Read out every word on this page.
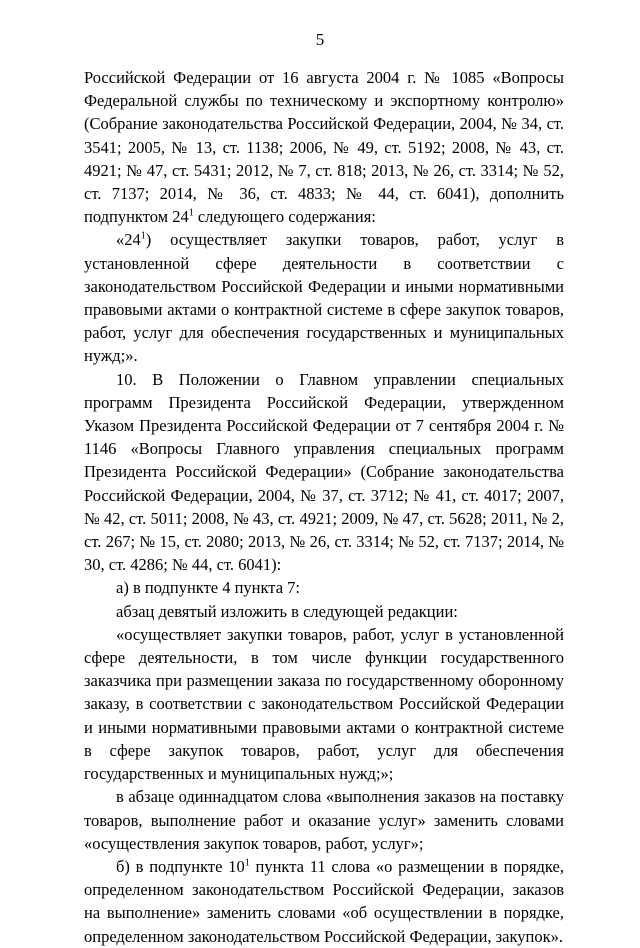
5

Российской Федерации от 16 августа 2004 г. № 1085 «Вопросы Федеральной службы по техническому и экспортному контролю» (Собрание законодательства Российской Федерации, 2004, № 34, ст. 3541; 2005, № 13, ст. 1138; 2006, № 49, ст. 5192; 2008, № 43, ст. 4921; № 47, ст. 5431; 2012, № 7, ст. 818; 2013, № 26, ст. 3314; № 52, ст. 7137; 2014, № 36, ст. 4833; № 44, ст. 6041), дополнить подпунктом $24^1$ следующего содержания:

«$24^1$) осуществляет закупки товаров, работ, услуг в установленной сфере деятельности в соответствии с законодательством Российской Федерации и иными нормативными правовыми актами о контрактной системе в сфере закупок товаров, работ, услуг для обеспечения государственных и муниципальных нужд;».

10. В Положении о Главном управлении специальных программ Президента Российской Федерации, утвержденном Указом Президента Российской Федерации от 7 сентября 2004 г. № 1146 «Вопросы Главного управления специальных программ Президента Российской Федерации» (Собрание законодательства Российской Федерации, 2004, № 37, ст. 3712; № 41, ст. 4017; 2007, № 42, ст. 5011; 2008, № 43, ст. 4921; 2009, № 47, ст. 5628; 2011, № 2, ст. 267; № 15, ст. 2080; 2013, № 26, ст. 3314; № 52, ст. 7137; 2014, № 30, ст. 4286; № 44, ст. 6041):

а) в подпункте 4 пункта 7:

абзац девятый изложить в следующей редакции:

«осуществляет закупки товаров, работ, услуг в установленной сфере деятельности, в том числе функции государственного заказчика при размещении заказа по государственному оборонному заказу, в соответствии с законодательством Российской Федерации и иными нормативными правовыми актами о контрактной системе в сфере закупок товаров, работ, услуг для обеспечения государственных и муниципальных нужд;»;

в абзаце одиннадцатом слова «выполнения заказов на поставку товаров, выполнение работ и оказание услуг» заменить словами «осуществления закупок товаров, работ, услуг»;

б) в подпункте $10^1$ пункта 11 слова «о размещении в порядке, определенном законодательством Российской Федерации, заказов на выполнение» заменить словами «об осуществлении в порядке, определенном законодательством Российской Федерации, закупок».
